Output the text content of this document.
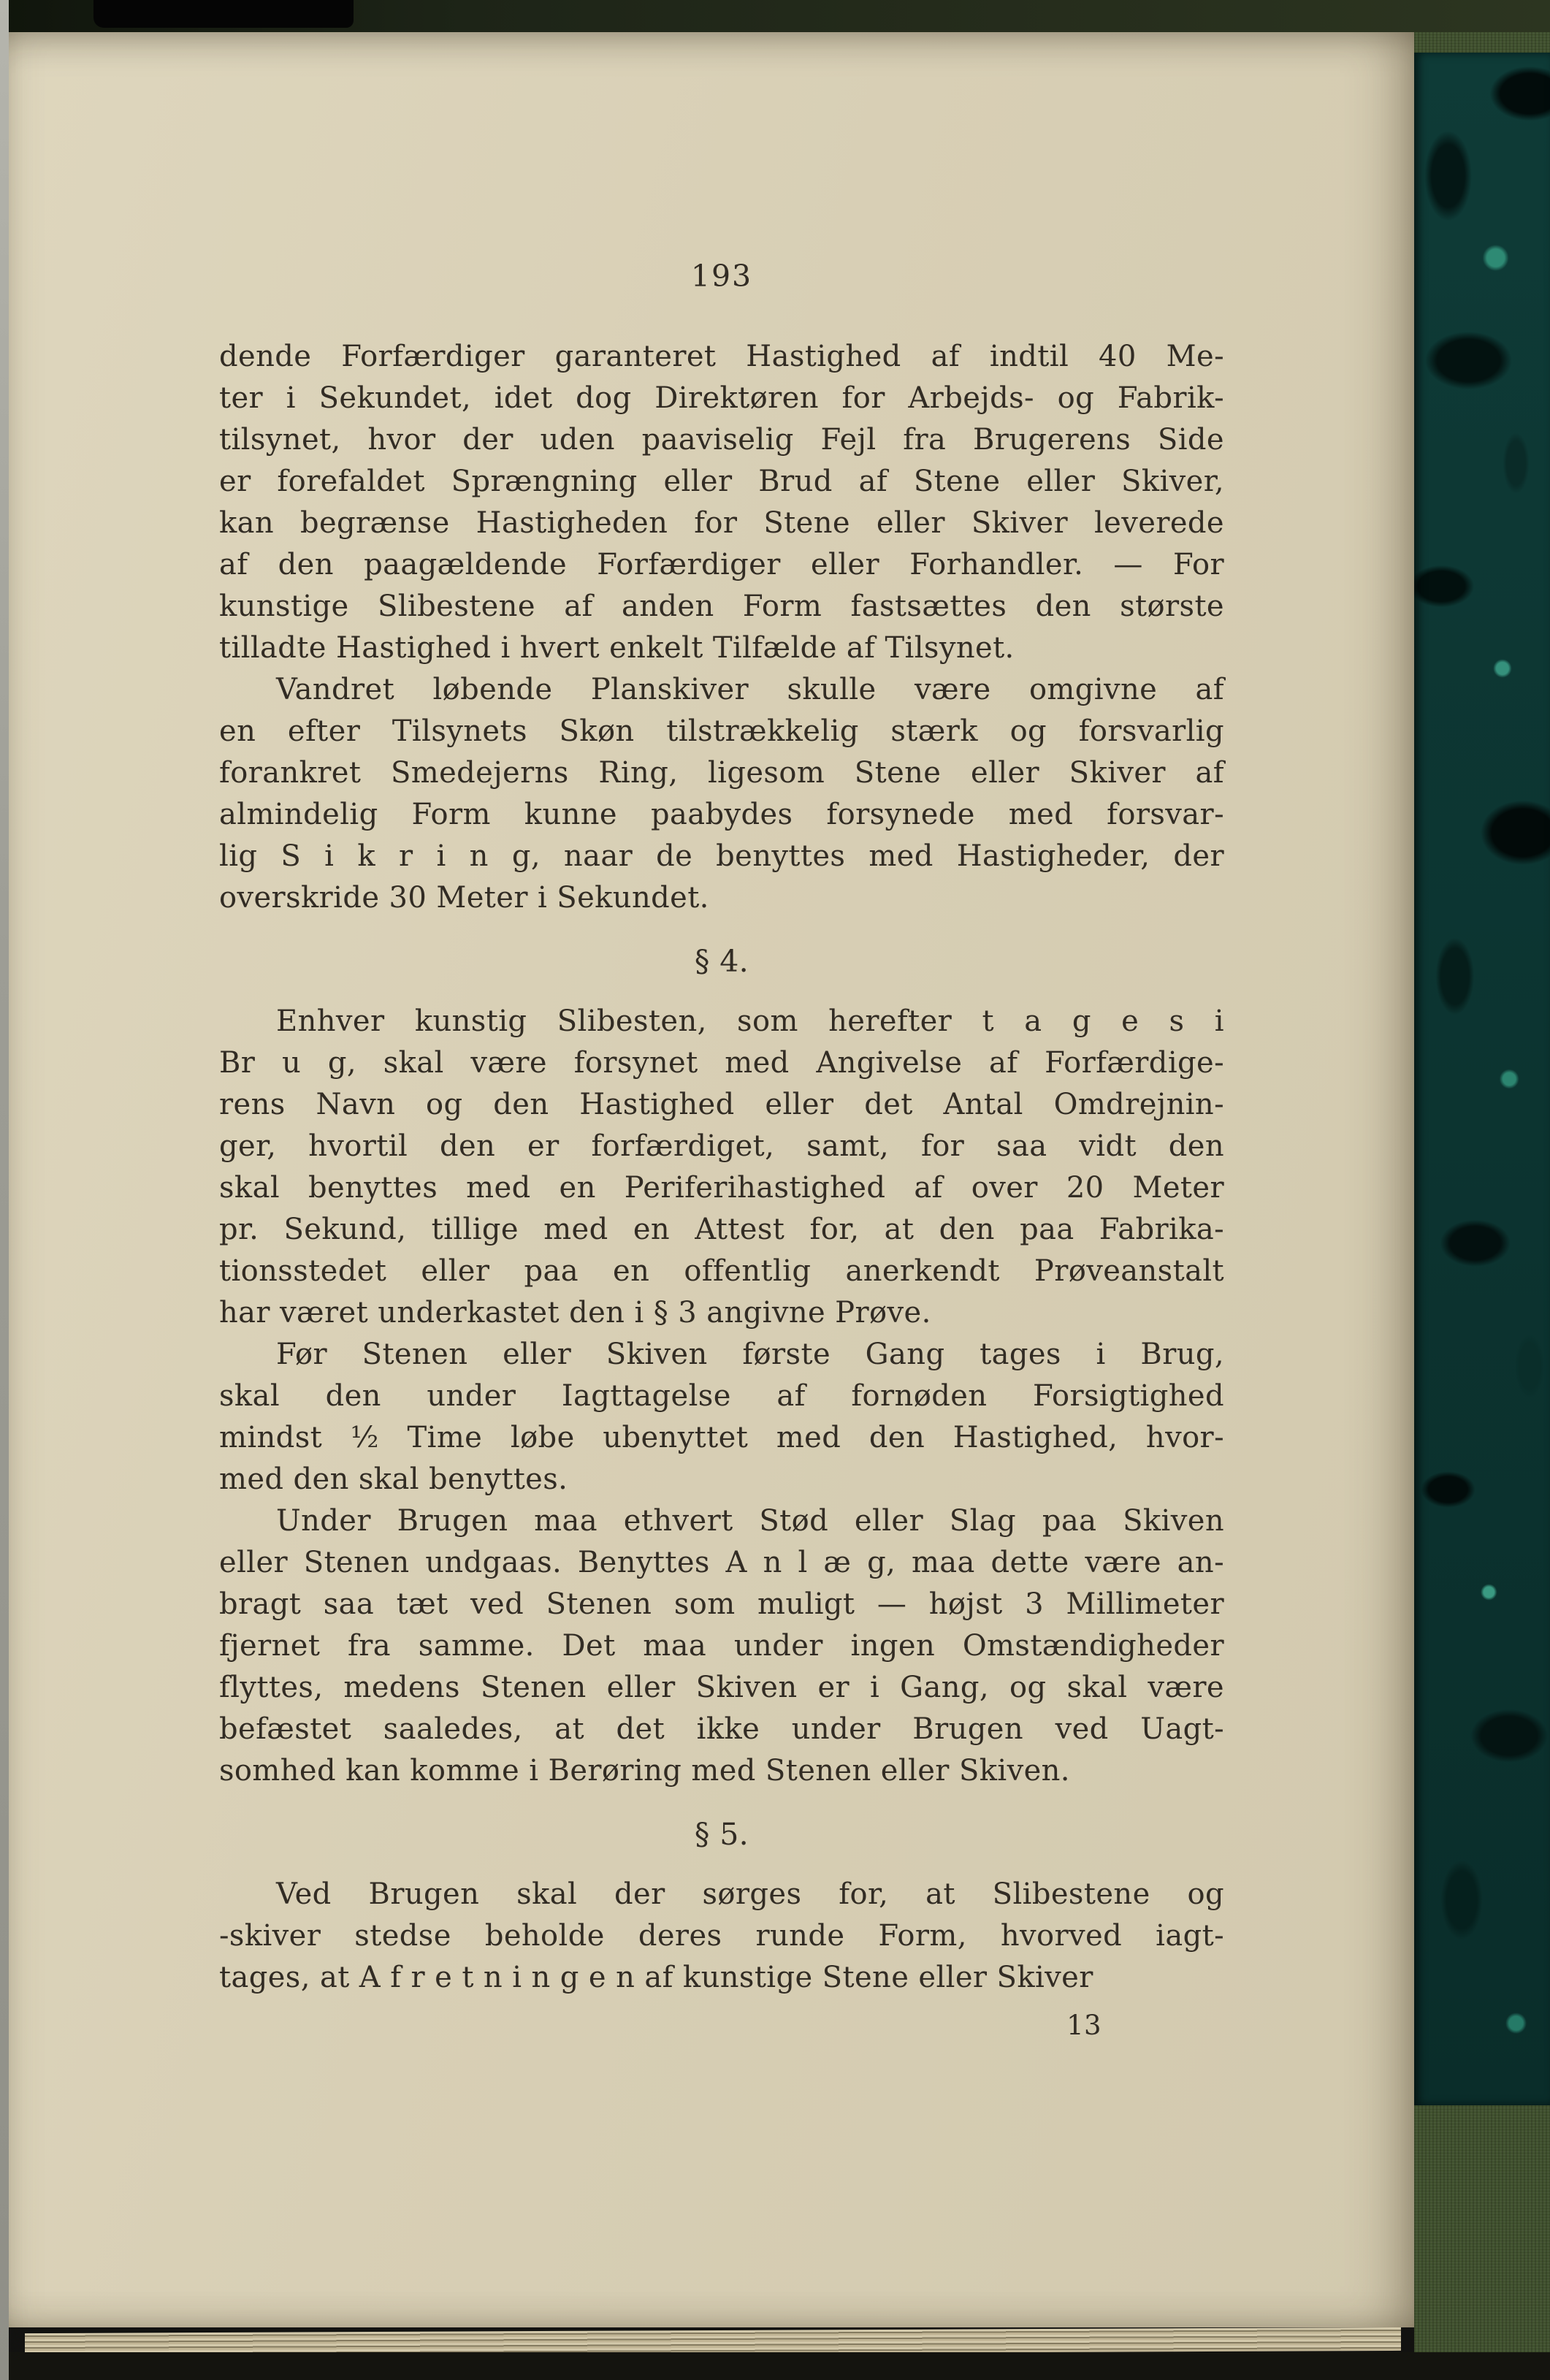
193
dende Forfærdiger garanteret Hastighed af indtil 40 Me-
ter i Sekundet, idet dog Direktøren for Arbejds- og Fabrik-
tilsynet, hvor der uden paaviselig Fejl fra Brugerens Side
er forefaldet Sprængning eller Brud af Stene eller Skiver,
kan begrænse Hastigheden for Stene eller Skiver leverede
af den paagældende Forfærdiger eller Forhandler. — For
kunstige Slibestene af anden Form fastsættes den største
tilladte Hastighed i hvert enkelt Tilfælde af Tilsynet.
Vandret løbende Planskiver skulle være omgivne af
en efter Tilsynets Skøn tilstrækkelig stærk og forsvarlig
forankret Smedejerns Ring, ligesom Stene eller Skiver af
almindelig Form kunne paabydes forsynede med forsvar-
lig S i k r i n g, naar de benyttes med Hastigheder, der
overskride 30 Meter i Sekundet.
§ 4.
Enhver kunstig Slibesten, som herefter t a g e s i
Br u g, skal være forsynet med Angivelse af Forfærdige-
rens Navn og den Hastighed eller det Antal Omdrejnin-
ger, hvortil den er forfærdiget, samt, for saa vidt den
skal benyttes med en Periferihastighed af over 20 Meter
pr. Sekund, tillige med en Attest for, at den paa Fabrika-
tionsstedet eller paa en offentlig anerkendt Prøveanstalt
har været underkastet den i § 3 angivne Prøve.
Før Stenen eller Skiven første Gang tages i Brug,
skal den under Iagttagelse af fornøden Forsigtighed
mindst ½ Time løbe ubenyttet med den Hastighed, hvor-
med den skal benyttes.
Under Brugen maa ethvert Stød eller Slag paa Skiven
eller Stenen undgaas. Benyttes A n l æ g, maa dette være an-
bragt saa tæt ved Stenen som muligt — højst 3 Millimeter
fjernet fra samme. Det maa under ingen Omstændigheder
flyttes, medens Stenen eller Skiven er i Gang, og skal være
befæstet saaledes, at det ikke under Brugen ved Uagt-
somhed kan komme i Berøring med Stenen eller Skiven.
§ 5.
Ved Brugen skal der sørges for, at Slibestene og
-skiver stedse beholde deres runde Form, hvorved iagt-
tages, at A f r e t n i n g e n af kunstige Stene eller Skiver
13
